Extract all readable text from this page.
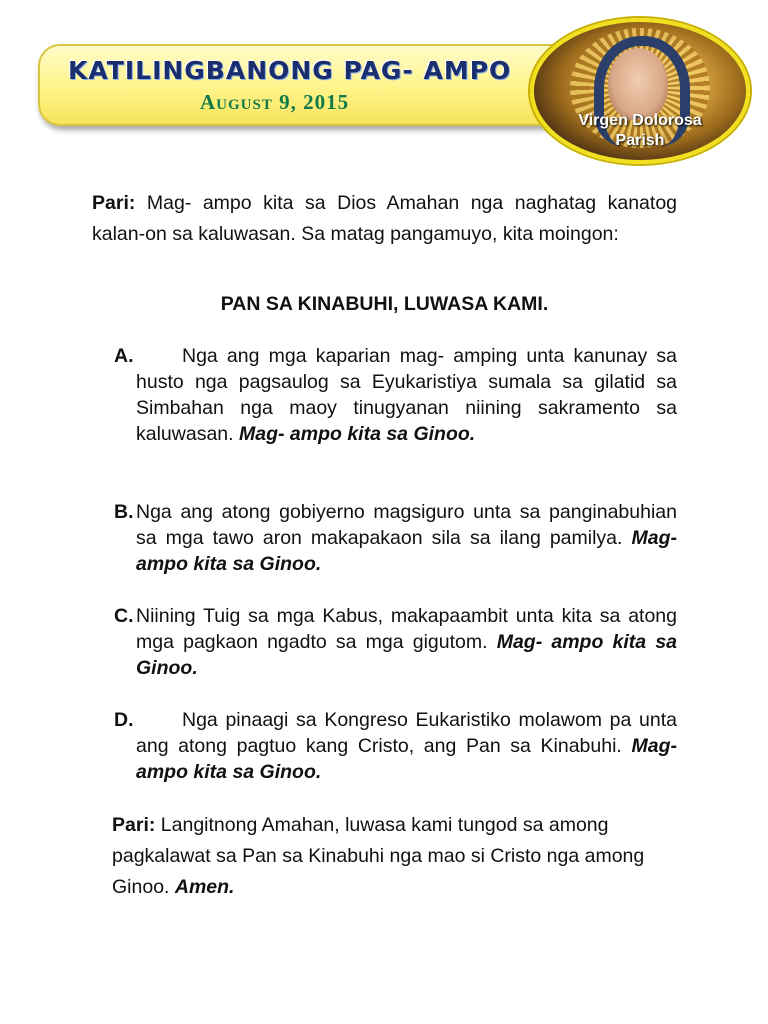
KATILINGBANONG PAG- AMPO
August 9, 2015
Virgen Dolorosa
Parish
Pari: Mag- ampo kita sa Dios Amahan nga naghatag kanatog kalan-on sa kaluwasan. Sa matag pangamuyo, kita moingon:
PAN SA KINABUHI, LUWASA KAMI.
A.	Nga ang mga kaparian mag- amping unta kanunay sa husto nga pagsaulog sa Eyukaristiya sumala sa gilatid sa Simbahan nga maoy tinugyanan niining sakramento sa kaluwasan. Mag- ampo kita sa Ginoo.
B. Nga ang atong gobiyerno magsiguro unta sa panginabuhian sa mga tawo aron makapakaon sila sa ilang pamilya. Mag- ampo kita sa Ginoo.
C. Niining Tuig sa mga Kabus, makapaambit unta kita sa atong mga pagkaon ngadto sa mga gigutom. Mag- ampo kita sa Ginoo.
D.	Nga pinaagi sa Kongreso Eukaristiko molawom pa unta ang atong pagtuo kang Cristo, ang Pan sa Kinabuhi. Mag- ampo kita sa Ginoo.
Pari: Langitnong Amahan, luwasa kami tungod sa among pagkalawat sa Pan sa Kinabuhi nga mao si Cristo nga among Ginoo. Amen.
